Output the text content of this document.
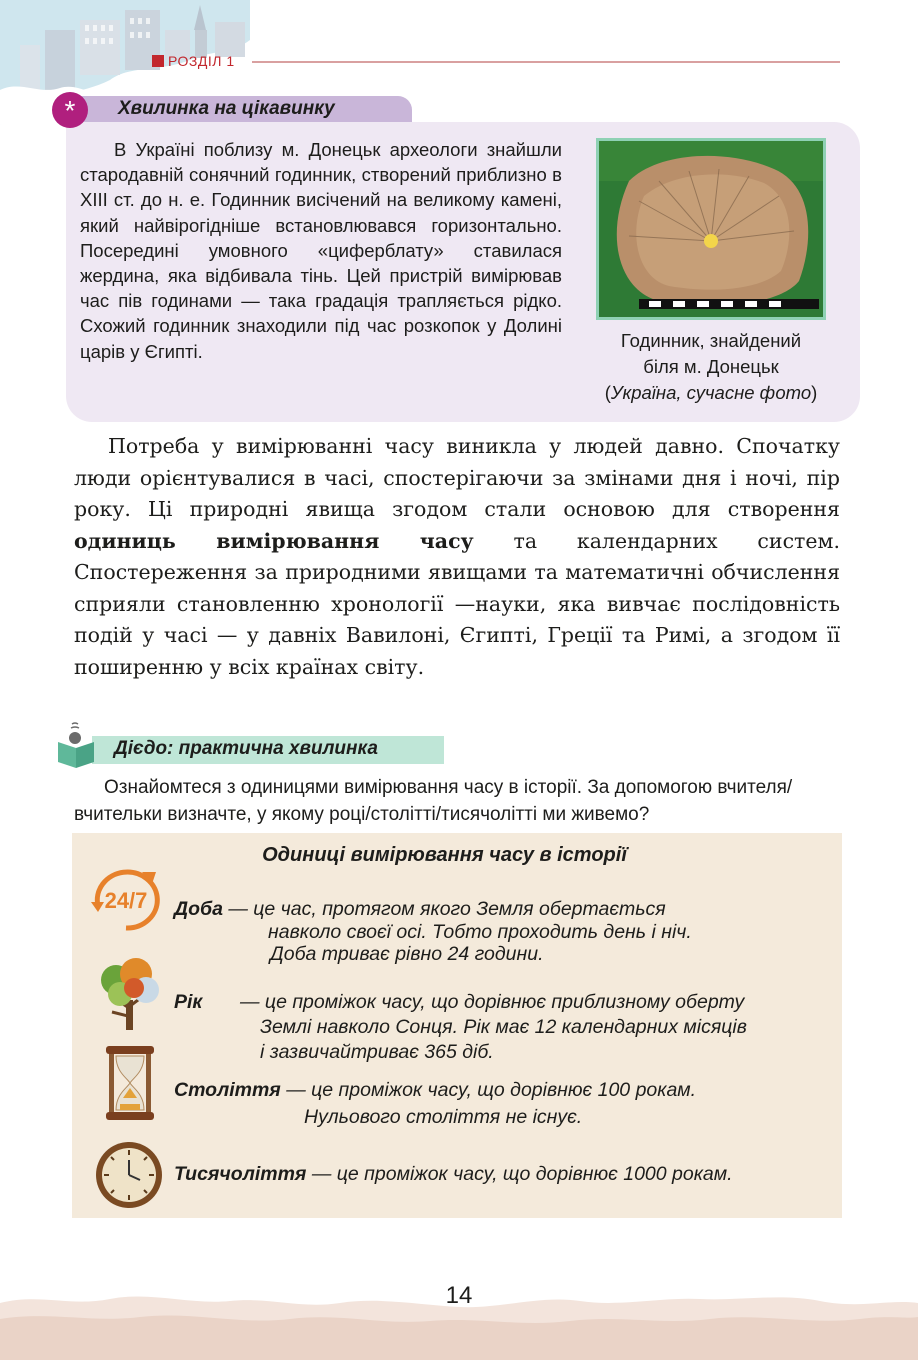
РОЗДІЛ 1
*	Хвилинка на цікавинку

В Україні поблизу м. Донецьк археологи знайшли стародавній сонячний годинник, створений приблизно в XIII ст. до н. е. Годинник висічений на великому камені, який найвірогідніше встановлювався горизонтально. Посередині умовного «циферблату» ставилася жердина, яка відбивала тінь. Цей пристрій вимірював час пів годинами — така градація трапляється рідко. Схожий годинник знаходили під час розкопок у Долині царів у Єгипті.

Годинник, знайдений
біля м. Донецьк
(Україна, сучасне фото)

Потреба у вимірюванні часу виникла у людей давно. Спочатку люди орієнтувалися в часі, спостерігаючи за змінами дня і ночі, пір року. Ці природні явища згодом стали основою для створення одиниць вимірювання часу та календарних систем. Спостереження за природними явищами та математичні обчислення сприяли становленню хронології —науки, яка вивчає послідовність подій у часі — у давніх Вавилоні, Єгипті, Греції та Римі, а згодом її поширенню у всіх країнах світу.

Дієдо: практична хвилинка

Ознайомтеся з одиницями вимірювання часу в історії. За допомогою вчителя/вчительки визначте, у якому році/столітті/тисячолітті ми живемо?

Одиниці вимірювання часу в історії
24/7 Доба — це час, протягом якого Земля обертається
навколо своєї осі. Тобто проходить день і ніч.
Доба триває рівно 24 години.
Рік — це проміжок часу, що дорівнює приблизному оберту
Землі навколо Сонця. Рік має 12 календарних місяців
і зазвичайтриває 365 діб.
Століття — це проміжок часу, що дорівнює 100 рокам.
Нульового століття не існує.
Тисячоліття — це проміжок часу, що дорівнює 1000 рокам.
14
